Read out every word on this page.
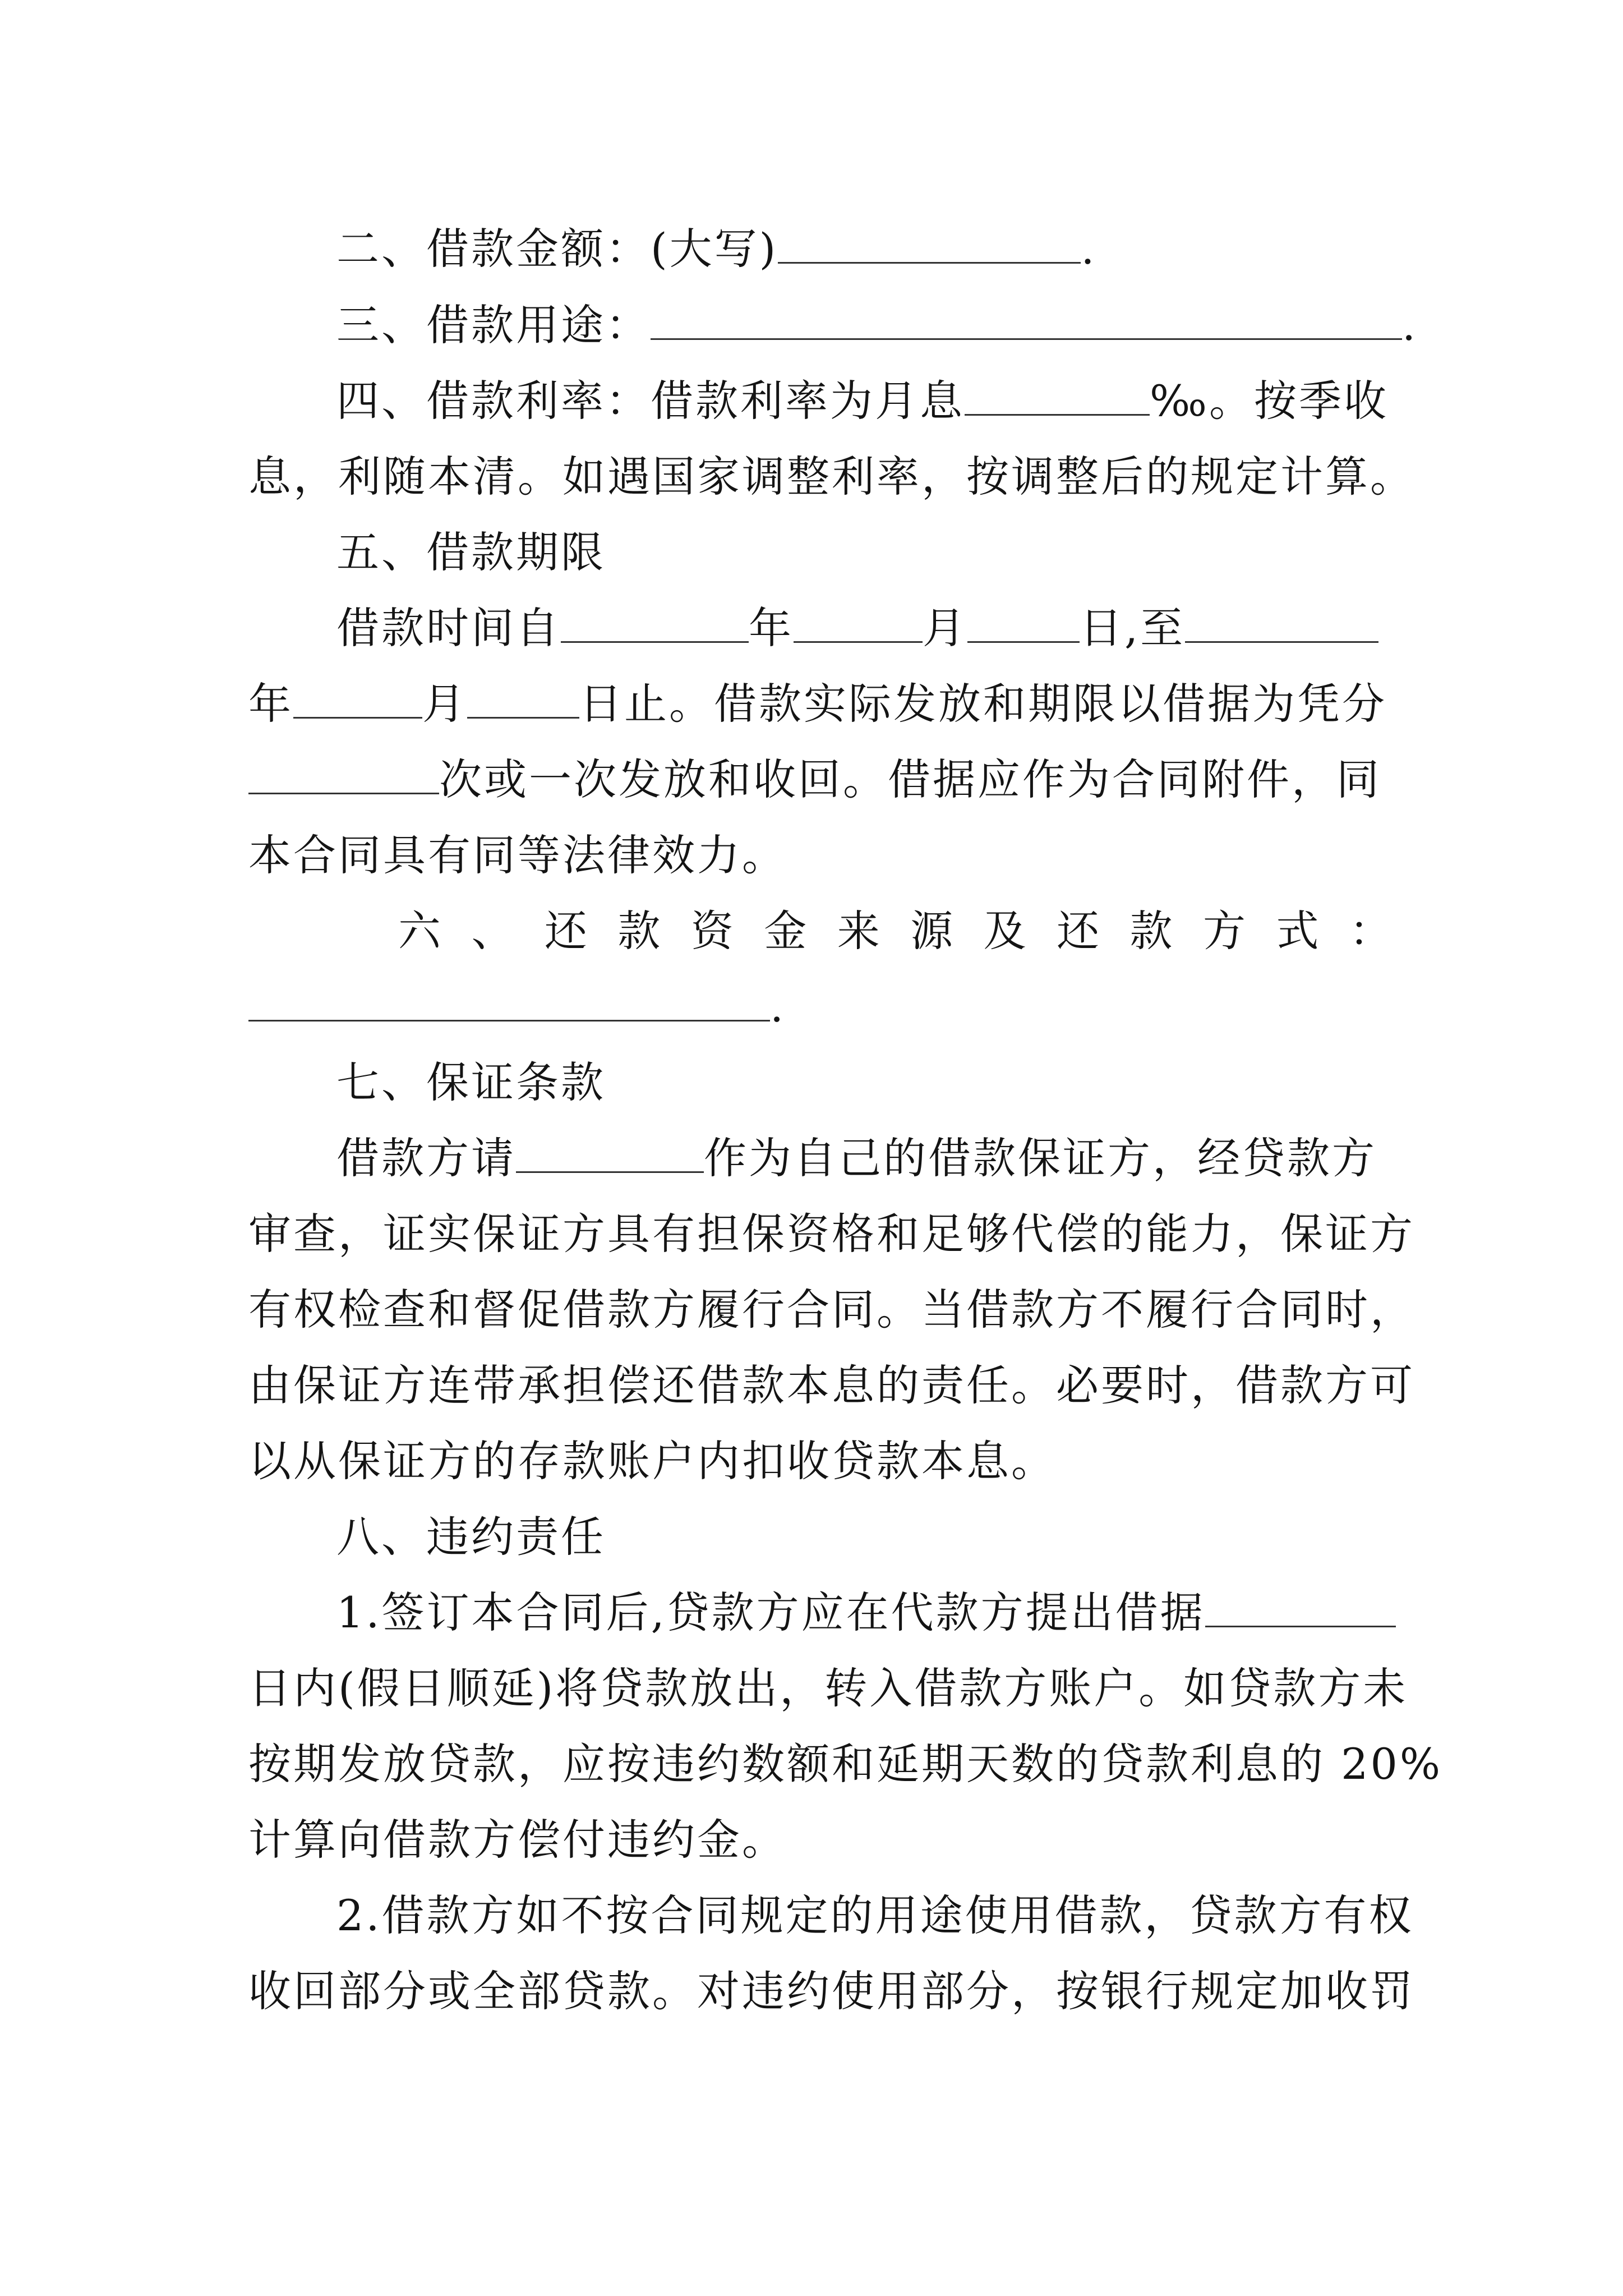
二、借款金额：(大写)	.
三、借款用途：	.
四、借款利率：借款利率为月息	‰。按季收
息，利随本清。如遇国家调整利率，按调整后的规定计算。
五、借款期限
借款时间自	年	月	日,至
年	月	日止。借款实际发放和期限以借据为凭分
次或一次发放和收回。借据应作为合同附件，同
本合同具有同等法律效力。
六 、 还 款 资 金 来 源 及 还 款 方 式 ：
.
七、保证条款
借款方请	作为自己的借款保证方，经贷款方
审查，证实保证方具有担保资格和足够代偿的能力，保证方
有权检查和督促借款方履行合同。当借款方不履行合同时，
由保证方连带承担偿还借款本息的责任。必要时，借款方可
以从保证方的存款账户内扣收贷款本息。
八、违约责任
1.签订本合同后,贷款方应在代款方提出借据
日内(假日顺延)将贷款放出，转入借款方账户。如贷款方未
按期发放贷款，应按违约数额和延期天数的贷款利息的 20%
计算向借款方偿付违约金。
2.借款方如不按合同规定的用途使用借款，贷款方有权
收回部分或全部贷款。对违约使用部分，按银行规定加收罚
